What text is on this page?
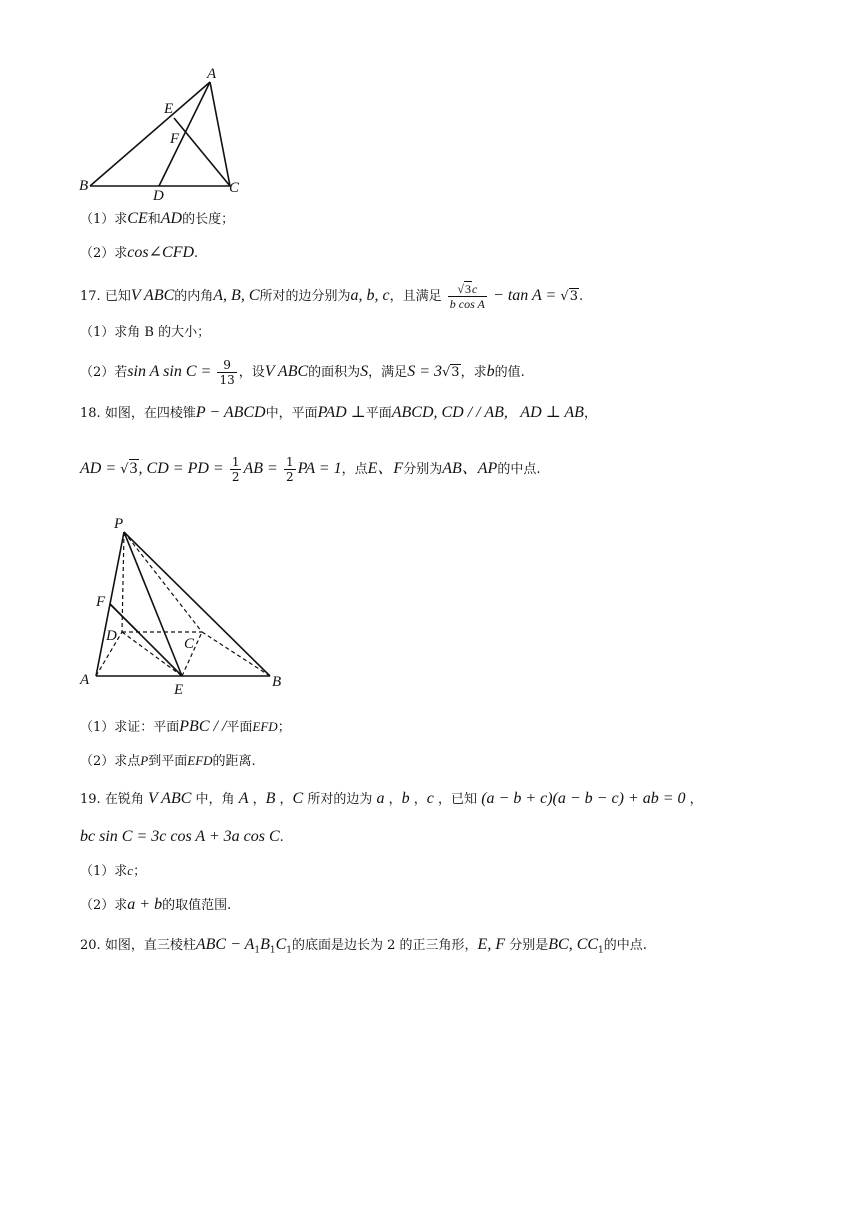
A
E
F
B
D	C
（1）求CE和AD的长度；
（2）求cos∠CFD.
17. 已知V ABC的内角A, B, C所对的边分别为a, b, c，且满足 $\frac{√3c}{\text{b cos A}} - \tan A = √3$.
（1）求角 B 的大小；
（2）若sin A $\sin C = \frac{9}{13}$ ，设V ABC的面积为S，满足S = 3√3，求b的值.
18. 如图，在四棱锥P − ABCD中，平面PAD ⊥平面ABCD, CD / / AB, AD ⊥ AB，
AD = √3, CD = PD = $\frac{1}{2}$ AB = $\frac{1}{2}$ PA = 1，点E、F分别为AB、AP的中点.
P
F
D	C
A
E	B
（1）求证：平面PBC / /平面EFD；
（2）求点P到平面EFD的距离.
19. 在锐角 V ABC 中，角 A ，B ，C 所对的边为 a ，b ，c ，已知 (a − b + c)(a − b − c) + ab = 0 ，
bc sin C = 3c cos A + 3a cos C.
（1）求c；
（2）求a + b的取值范围.
20. 如图，直三棱柱ABC − $A_1B_1C_1$的底面是边长为 2 的正三角形，E, F 分别是BC, $CC_1$的中点.
